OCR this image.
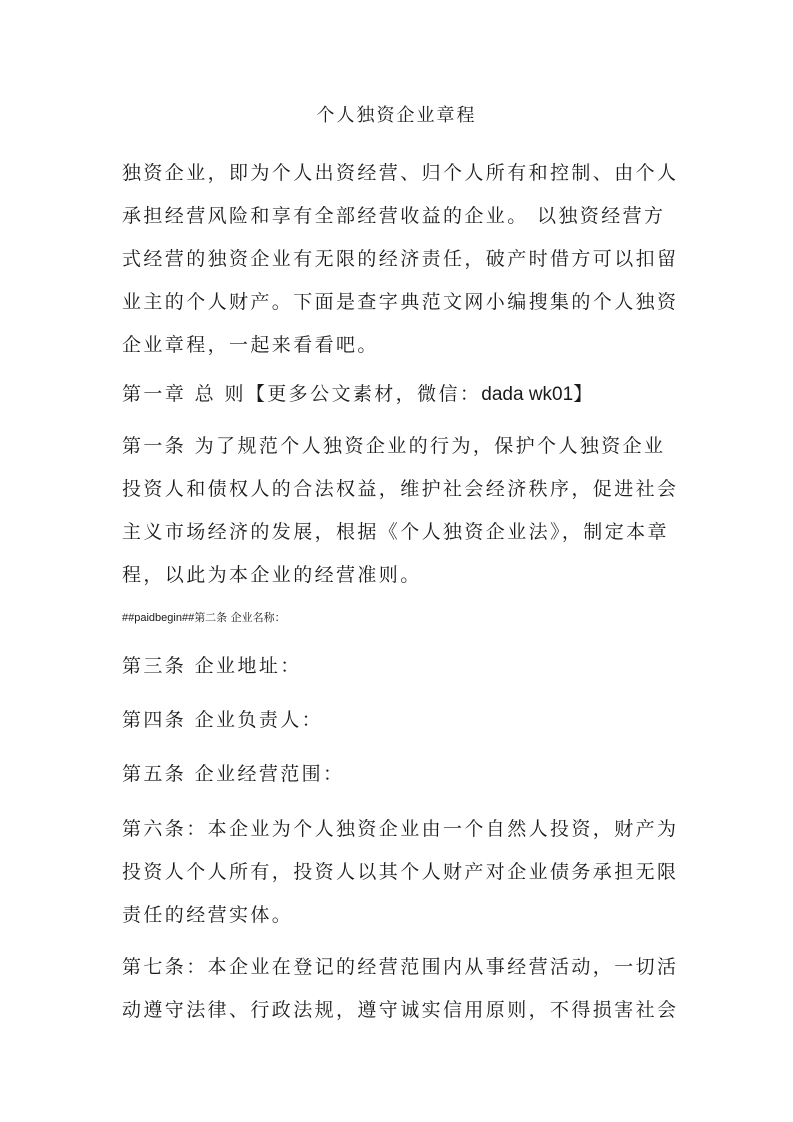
个人独资企业章程
独资企业，即为个人出资经营、归个人所有和控制、由个人
承担经营风险和享有全部经营收益的企业。 以独资经营方
式经营的独资企业有无限的经济责任，破产时借方可以扣留
业主的个人财产。下面是查字典范文网小编搜集的个人独资
企业章程，一起来看看吧。
第一章 总 则【更多公文素材，微信：dada wk01】
第一条 为了规范个人独资企业的行为，保护个人独资企业
投资人和债权人的合法权益，维护社会经济秩序，促进社会
主义市场经济的发展，根据《个人独资企业法》，制定本章
程，以此为本企业的经营准则。
##paidbegin##第二条 企业名称：
第三条 企业地址：
第四条 企业负责人：
第五条 企业经营范围：
第六条：本企业为个人独资企业由一个自然人投资，财产为
投资人个人所有，投资人以其个人财产对企业债务承担无限
责任的经营实体。
第七条：本企业在登记的经营范围内从事经营活动，一切活
动遵守法律、行政法规，遵守诚实信用原则，不得损害社会
